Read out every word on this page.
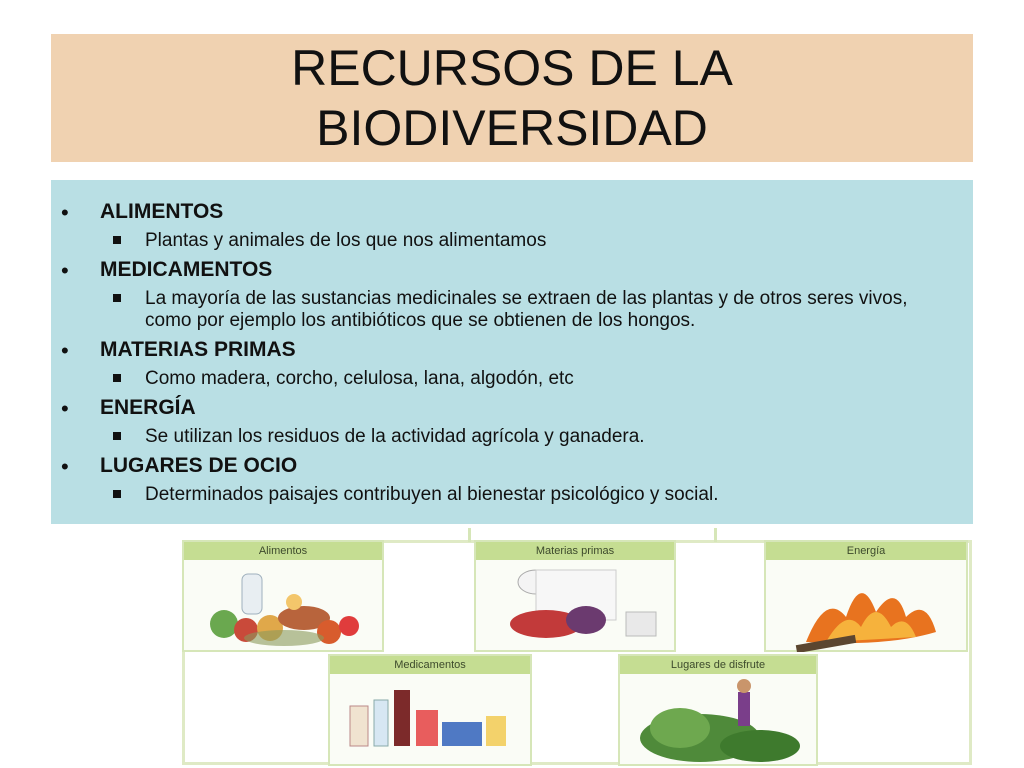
RECURSOS DE LA
BIODIVERSIDAD
• ALIMENTOS
Plantas y animales de los que nos alimentamos
• MEDICAMENTOS
La mayoría de las sustancias medicinales se extraen de las plantas y de otros seres vivos, como por ejemplo los antibióticos que se obtienen de los hongos.
• MATERIAS PRIMAS
Como madera, corcho, celulosa, lana, algodón, etc
• ENERGÍA
Se utilizan los residuos de la actividad agrícola y ganadera.
• LUGARES DE OCIO
Determinados paisajes contribuyen al bienestar psicológico y social.
Alimentos	Materias primas	Energía
Medicamentos	Lugares de disfrute
